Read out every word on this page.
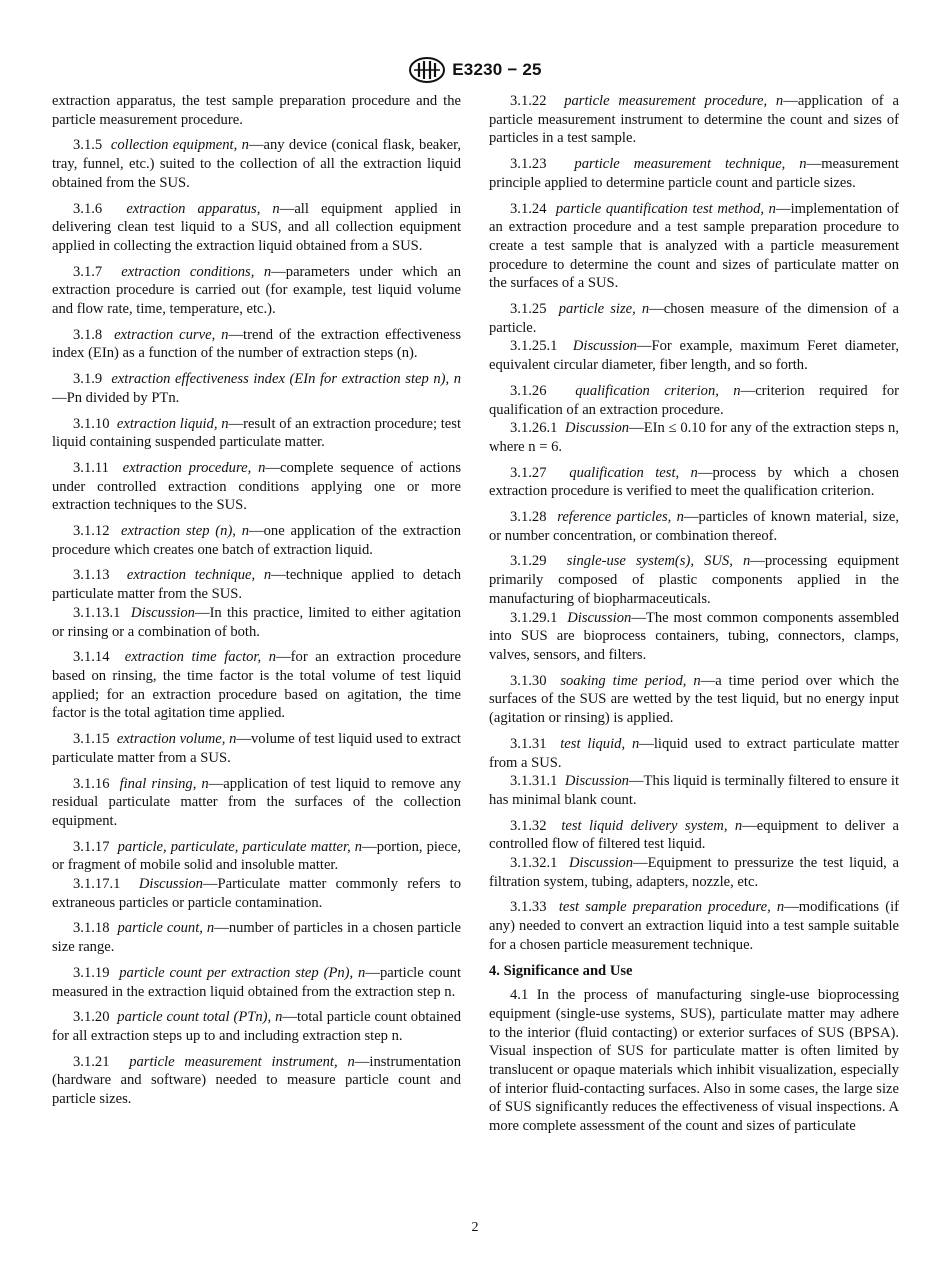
E3230 − 25

extraction apparatus, the test sample preparation procedure and the particle measurement procedure.

3.1.5 collection equipment, n—any device (conical flask, beaker, tray, funnel, etc.) suited to the collection of all the extraction liquid obtained from the SUS.

3.1.6 extraction apparatus, n—all equipment applied in delivering clean test liquid to a SUS, and all collection equipment applied in collecting the extraction liquid obtained from a SUS.

3.1.7 extraction conditions, n—parameters under which an extraction procedure is carried out (for example, test liquid volume and flow rate, time, temperature, etc.).

3.1.8 extraction curve, n—trend of the extraction effectiveness index (EIn) as a function of the number of extraction steps (n).

3.1.9 extraction effectiveness index (EIn for extraction step n), n—Pn divided by PTn.

3.1.10 extraction liquid, n—result of an extraction procedure; test liquid containing suspended particulate matter.

3.1.11 extraction procedure, n—complete sequence of actions under controlled extraction conditions applying one or more extraction techniques to the SUS.

3.1.12 extraction step (n), n—one application of the extraction procedure which creates one batch of extraction liquid.

3.1.13 extraction technique, n—technique applied to detach particulate matter from the SUS.

3.1.13.1 Discussion—In this practice, limited to either agitation or rinsing or a combination of both.

3.1.14 extraction time factor, n—for an extraction procedure based on rinsing, the time factor is the total volume of test liquid applied; for an extraction procedure based on agitation, the time factor is the total agitation time applied.

3.1.15 extraction volume, n—volume of test liquid used to extract particulate matter from a SUS.

3.1.16 final rinsing, n—application of test liquid to remove any residual particulate matter from the surfaces of the collection equipment.

3.1.17 particle, particulate, particulate matter, n—portion, piece, or fragment of mobile solid and insoluble matter.

3.1.17.1 Discussion—Particulate matter commonly refers to extraneous particles or particle contamination.

3.1.18 particle count, n—number of particles in a chosen particle size range.

3.1.19 particle count per extraction step (Pn), n—particle count measured in the extraction liquid obtained from the extraction step n.

3.1.20 particle count total (PTn), n—total particle count obtained for all extraction steps up to and including extraction step n.

3.1.21 particle measurement instrument, n—instrumentation (hardware and software) needed to measure particle count and particle sizes.

3.1.22 particle measurement procedure, n—application of a particle measurement instrument to determine the count and sizes of particles in a test sample.

3.1.23 particle measurement technique, n—measurement principle applied to determine particle count and particle sizes.

3.1.24 particle quantification test method, n—implementation of an extraction procedure and a test sample preparation procedure to create a test sample that is analyzed with a particle measurement procedure to determine the count and sizes of particulate matter on the surfaces of a SUS.

3.1.25 particle size, n—chosen measure of the dimension of a particle.

3.1.25.1 Discussion—For example, maximum Feret diameter, equivalent circular diameter, fiber length, and so forth.

3.1.26 qualification criterion, n—criterion required for qualification of an extraction procedure.

3.1.26.1 Discussion—EIn ≤ 0.10 for any of the extraction steps n, where n = 6.

3.1.27 qualification test, n—process by which a chosen extraction procedure is verified to meet the qualification criterion.

3.1.28 reference particles, n—particles of known material, size, or number concentration, or combination thereof.

3.1.29 single-use system(s), SUS, n—processing equipment primarily composed of plastic components applied in the manufacturing of biopharmaceuticals.

3.1.29.1 Discussion—The most common components assembled into SUS are bioprocess containers, tubing, connectors, clamps, valves, sensors, and filters.

3.1.30 soaking time period, n—a time period over which the surfaces of the SUS are wetted by the test liquid, but no energy input (agitation or rinsing) is applied.

3.1.31 test liquid, n—liquid used to extract particulate matter from a SUS.

3.1.31.1 Discussion—This liquid is terminally filtered to ensure it has minimal blank count.

3.1.32 test liquid delivery system, n—equipment to deliver a controlled flow of filtered test liquid.

3.1.32.1 Discussion—Equipment to pressurize the test liquid, a filtration system, tubing, adapters, nozzle, etc.

3.1.33 test sample preparation procedure, n—modifications (if any) needed to convert an extraction liquid into a test sample suitable for a chosen particle measurement technique.

4. Significance and Use

4.1 In the process of manufacturing single-use bioprocessing equipment (single-use systems, SUS), particulate matter may adhere to the interior (fluid contacting) or exterior surfaces of SUS (BPSA). Visual inspection of SUS for particulate matter is often limited by translucent or opaque materials which inhibit visualization, especially of interior fluid-contacting surfaces. Also in some cases, the large size of SUS significantly reduces the effectiveness of visual inspections. A more complete assessment of the count and sizes of particulate

2
